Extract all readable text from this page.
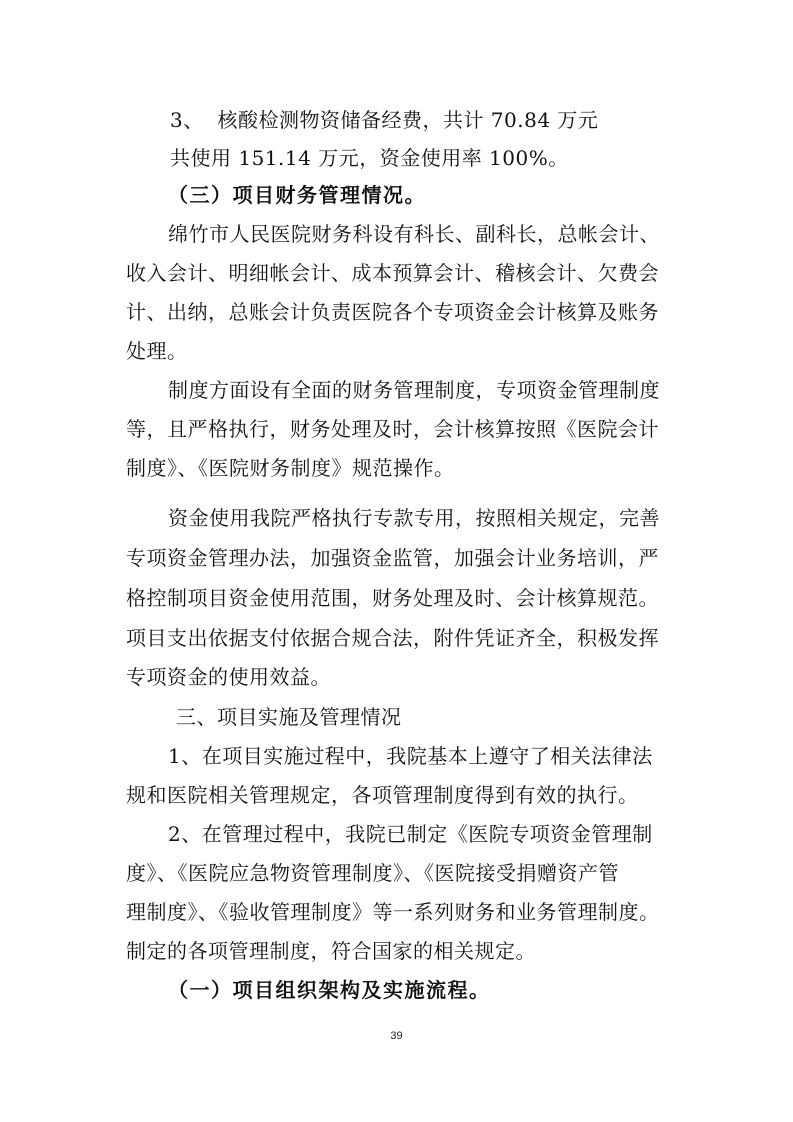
3、  核酸检测物资储备经费，共计 70.84 万元
共使用 151.14 万元，资金使用率 100%。
（三）项目财务管理情况。
绵竹市人民医院财务科设有科长、副科长，总帐会计、
收入会计、明细帐会计、成本预算会计、稽核会计、欠费会
计、出纳，总账会计负责医院各个专项资金会计核算及账务
处理。
制度方面设有全面的财务管理制度，专项资金管理制度
等，且严格执行，财务处理及时，会计核算按照《医院会计
制度》、《医院财务制度》规范操作。
资金使用我院严格执行专款专用，按照相关规定，完善
专项资金管理办法，加强资金监管，加强会计业务培训，严
格控制项目资金使用范围，财务处理及时、会计核算规范。
项目支出依据支付依据合规合法，附件凭证齐全，积极发挥
专项资金的使用效益。
三、项目实施及管理情况
1、在项目实施过程中，我院基本上遵守了相关法律法
规和医院相关管理规定，各项管理制度得到有效的执行。
2、在管理过程中，我院已制定《医院专项资金管理制
度》、《医院应急物资管理制度》、《医院接受捐赠资产管
理制度》、《验收管理制度》等一系列财务和业务管理制度。
制定的各项管理制度，符合国家的相关规定。
（一）项目组织架构及实施流程。
39
